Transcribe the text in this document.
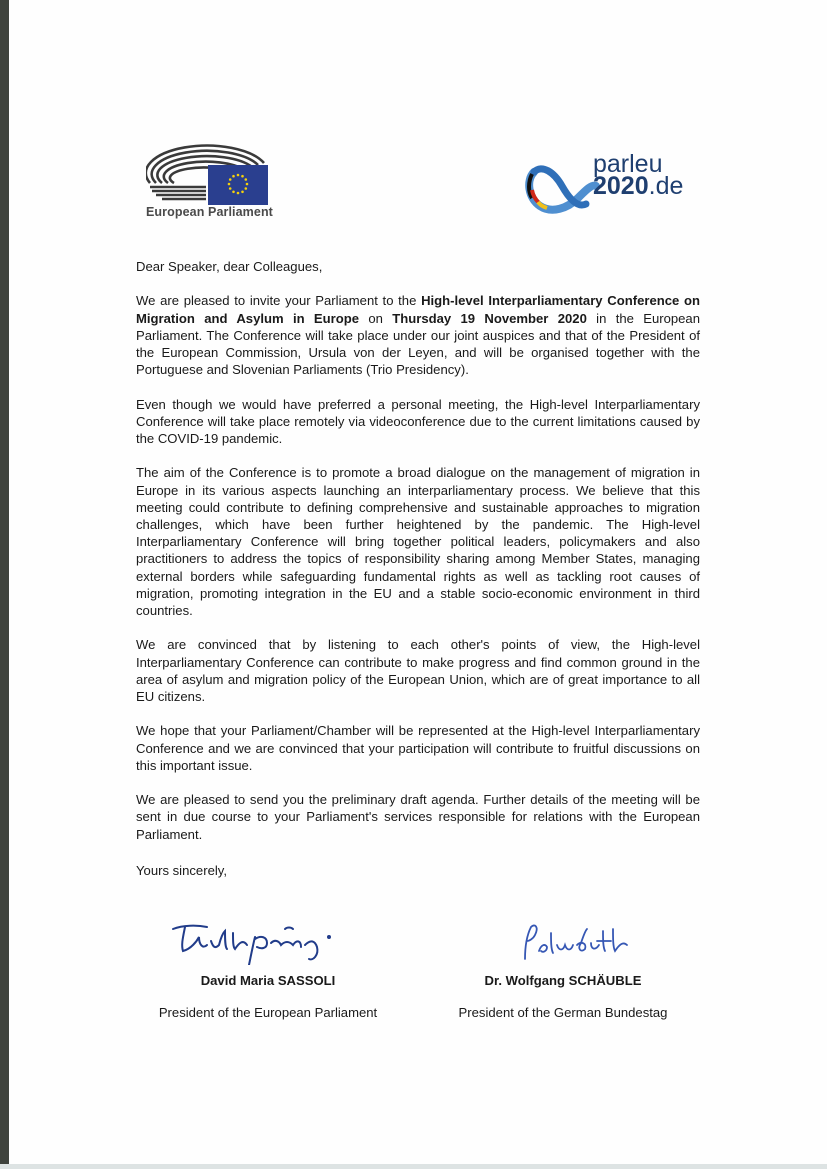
European Parliament
parleu
2020.de

Dear Speaker, dear Colleagues,

We are pleased to invite your Parliament to the High-level Interparliamentary Conference on Migration and Asylum in Europe on Thursday 19 November 2020 in the European Parliament. The Conference will take place under our joint auspices and that of the President of the European Commission, Ursula von der Leyen, and will be organised together with the Portuguese and Slovenian Parliaments (Trio Presidency).

Even though we would have preferred a personal meeting, the High-level Interparliamentary Conference will take place remotely via videoconference due to the current limitations caused by the COVID-19 pandemic.

The aim of the Conference is to promote a broad dialogue on the management of migration in Europe in its various aspects launching an interparliamentary process. We believe that this meeting could contribute to defining comprehensive and sustainable approaches to migration challenges, which have been further heightened by the pandemic. The High-level Interparliamentary Conference will bring together political leaders, policymakers and also practitioners to address the topics of responsibility sharing among Member States, managing external borders while safeguarding fundamental rights as well as tackling root causes of migration, promoting integration in the EU and a stable socio-economic environment in third countries.

We are convinced that by listening to each other's points of view, the High-level Interparliamentary Conference can contribute to make progress and find common ground in the area of asylum and migration policy of the European Union, which are of great importance to all EU citizens.

We hope that your Parliament/Chamber will be represented at the High-level Interparliamentary Conference and we are convinced that your participation will contribute to fruitful discussions on this important issue.

We are pleased to send you the preliminary draft agenda. Further details of the meeting will be sent in due course to your Parliament's services responsible for relations with the European Parliament.

Yours sincerely,
David Maria SASSOLI
President of the European Parliament
Dr. Wolfgang SCHÄUBLE
President of the German Bundestag
